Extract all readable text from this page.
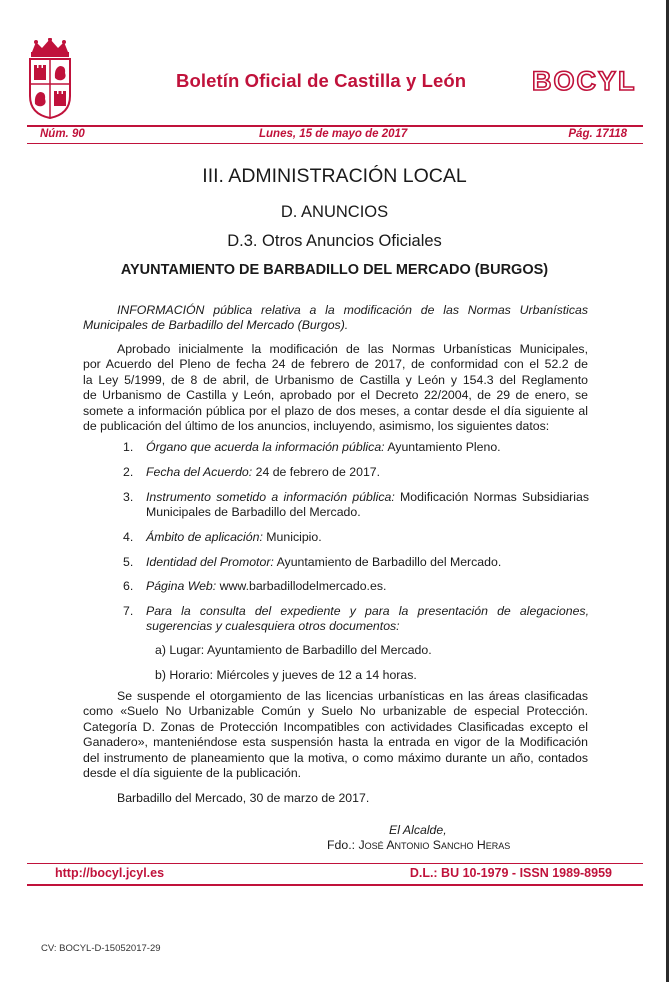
Boletín Oficial de Castilla y León BOCYL
Núm. 90	Lunes, 15 de mayo de 2017	Pág. 17118
III. ADMINISTRACIÓN LOCAL
D. ANUNCIOS
D.3. Otros Anuncios Oficiales
AYUNTAMIENTO DE BARBADILLO DEL MERCADO (BURGOS)
INFORMACIÓN pública relativa a la modificación de las Normas Urbanísticas
Municipales de Barbadillo del Mercado (Burgos).
Aprobado inicialmente la modificación de las Normas Urbanísticas Municipales,
por Acuerdo del Pleno de fecha 24 de febrero de 2017, de conformidad con el 52.2 de
la Ley 5/1999, de 8 de abril, de Urbanismo de Castilla y León y 154.3 del Reglamento
de Urbanismo de Castilla y León, aprobado por el Decreto 22/2004, de 29 de enero, se
somete a información pública por el plazo de dos meses, a contar desde el día siguiente al
de publicación del último de los anuncios, incluyendo, asimismo, los siguientes datos:
1.	Órgano que acuerda la información pública: Ayuntamiento Pleno.
2.	Fecha del Acuerdo: 24 de febrero de 2017.
3.	Instrumento sometido a información pública: Modificación Normas Subsidiarias
Municipales de Barbadillo del Mercado.
4.	Ámbito de aplicación: Municipio.
5.	Identidad del Promotor: Ayuntamiento de Barbadillo del Mercado.
6.	Página Web: www.barbadillodelmercado.es.
7.	Para la consulta del expediente y para la presentación de alegaciones,
sugerencias y cualesquiera otros documentos:
a) Lugar: Ayuntamiento de Barbadillo del Mercado.
b) Horario: Miércoles y jueves de 12 a 14 horas.
Se suspende el otorgamiento de las licencias urbanísticas en las áreas clasificadas
como «Suelo No Urbanizable Común y Suelo No urbanizable de especial Protección.
Categoría D. Zonas de Protección Incompatibles con actividades Clasificadas excepto el
Ganadero», manteniéndose esta suspensión hasta la entrada en vigor de la Modificación
del instrumento de planeamiento que la motiva, o como máximo durante un año, contados
desde el día siguiente de la publicación.
Barbadillo del Mercado, 30 de marzo de 2017.
El Alcalde,
Fdo.: José Antonio Sancho Heras
http://bocyl.jcyl.es	D.L.: BU 10-1979 - ISSN 1989-8959
CV: BOCYL-D-15052017-29
